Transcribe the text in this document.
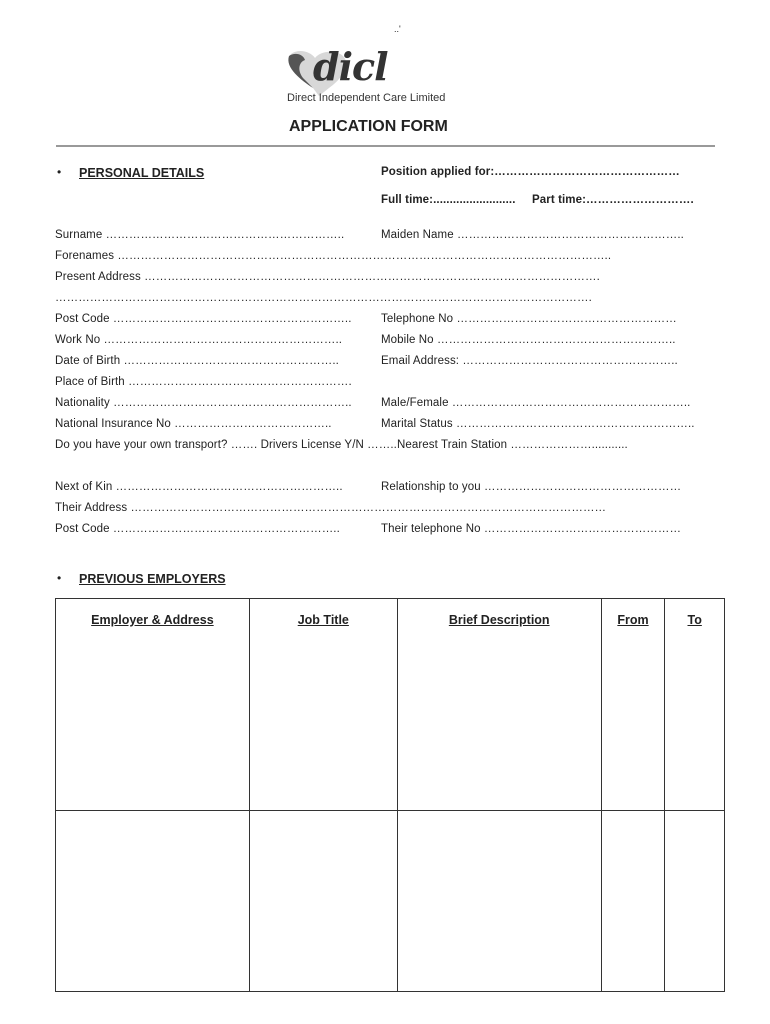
..'
dicl
Direct Independent Care Limited
APPLICATION FORM
• PERSONAL DETAILS	Position applied for:…………………………………………
Full time:......................... Part time:……………………….
Surname ……………………………………………………..	Maiden Name …………………………………………………..
Forenames ………………………………………………………………………………………………………………..
Present Address ……………………………………………………………………………………………………….
………………………………………………………………………………………………………………………….
Post Code ……………………………………………………..	Telephone No …………………………………………………
Work No ……………………………………………………..	Mobile No ……………………………………………………..
Date of Birth ………………………………………………..	Email Address: ………………………………………………..
Place of Birth ………………………………………………….
Nationality ……………………………………………………..	Male/Female ……………………………………………………..
National Insurance No …………………………………..	Marital Status ……………………………………………………..
Do you have your own transport? ……. Drivers License Y/N ……..Nearest Train Station …………………...........
Next of Kin …………………………………………………..	Relationship to you ……………………………………………
Their Address ……………………………………………………………………………………………………………
Post Code …………………………………………………..	Their telephone No ……………………………………………
• PREVIOUS EMPLOYERS
Employer & Address	Job Title	Brief Description	From	To
